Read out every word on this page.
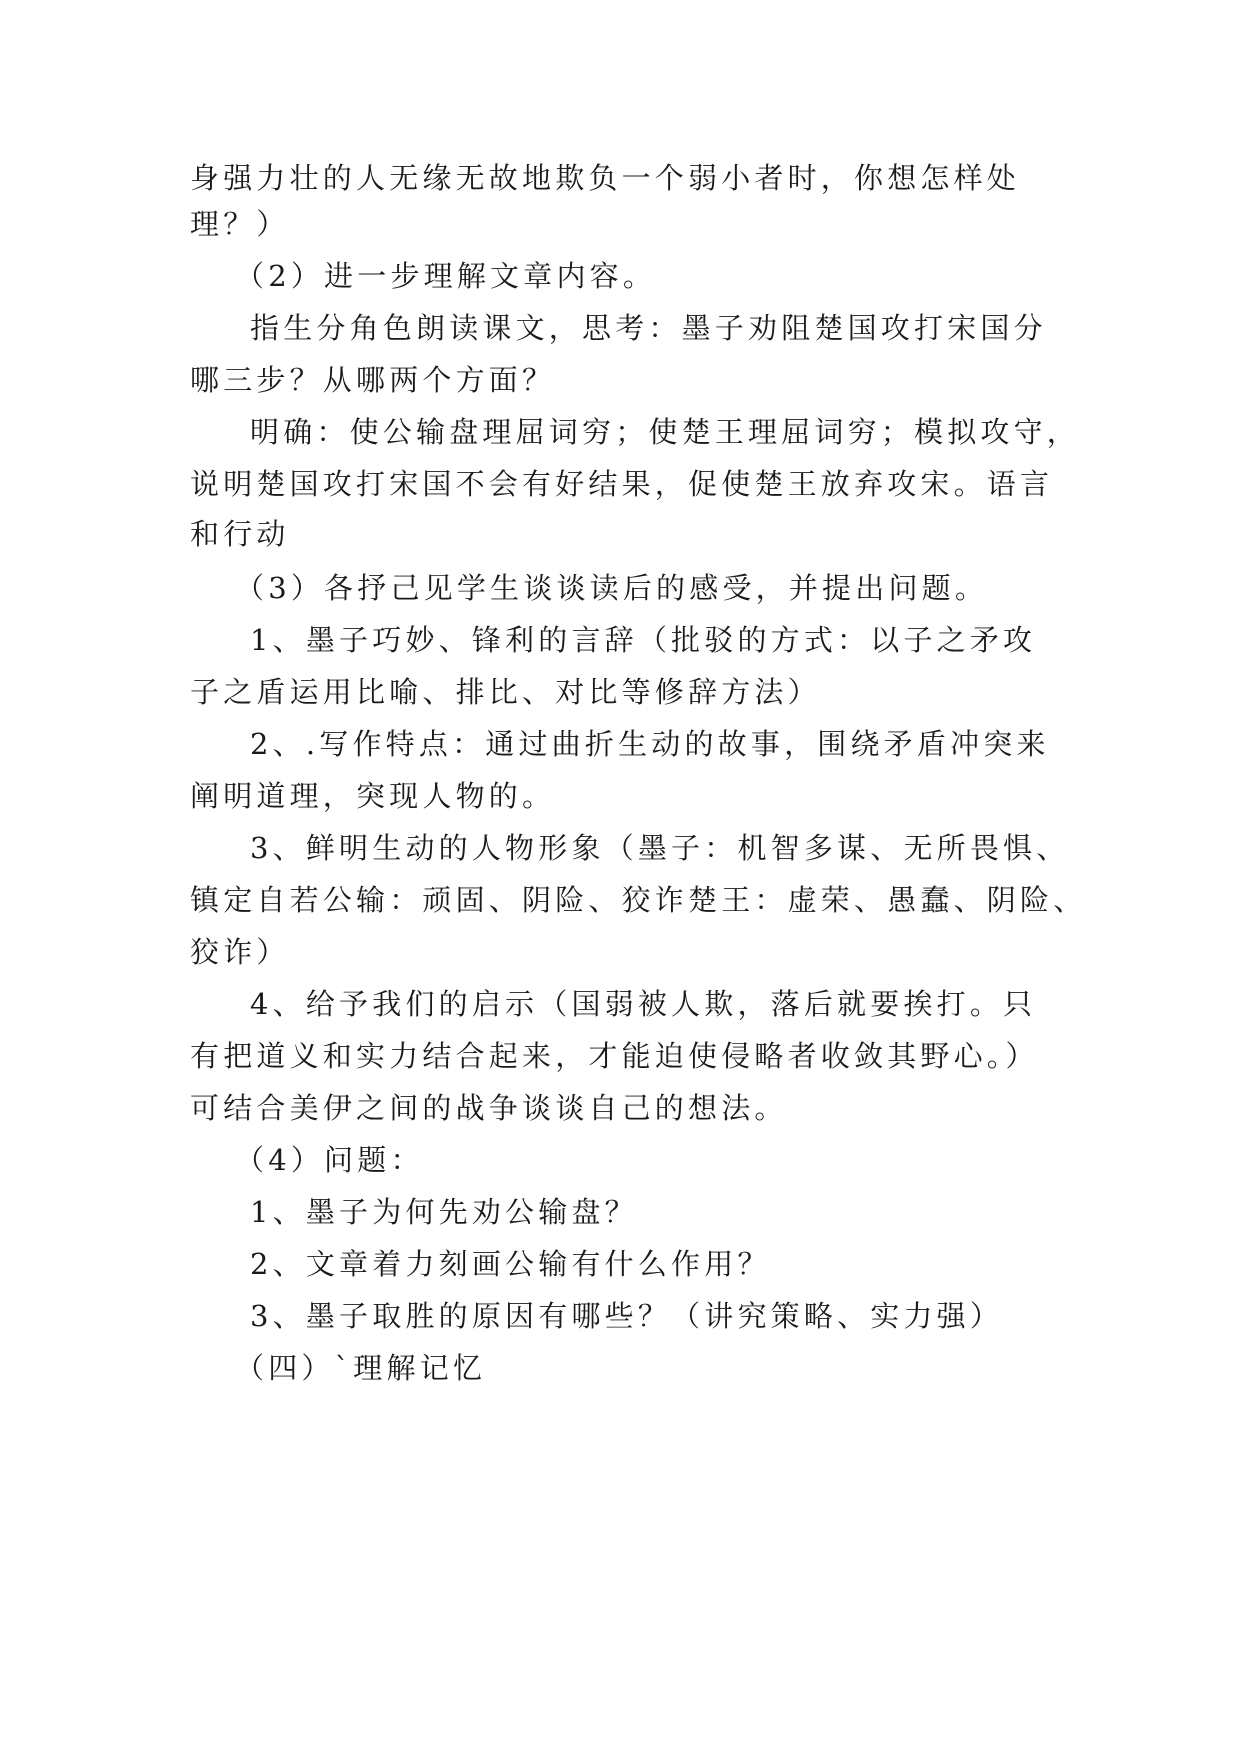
身强力壮的人无缘无故地欺负一个弱小者时，你想怎样处
理？）
（2）进一步理解文章内容。
指生分角色朗读课文，思考：墨子劝阻楚国攻打宋国分
哪三步？从哪两个方面？
明确：使公输盘理屈词穷；使楚王理屈词穷；模拟攻守，
说明楚国攻打宋国不会有好结果，促使楚王放弃攻宋。语言
和行动
（3）各抒己见学生谈谈读后的感受，并提出问题。
1、墨子巧妙、锋利的言辞（批驳的方式：以子之矛攻
子之盾运用比喻、排比、对比等修辞方法）
2、.写作特点：通过曲折生动的故事，围绕矛盾冲突来
阐明道理，突现人物的。
3、鲜明生动的人物形象（墨子：机智多谋、无所畏惧、
镇定自若公输：顽固、阴险、狡诈楚王：虚荣、愚蠢、阴险、
狡诈）
4、给予我们的启示（国弱被人欺，落后就要挨打。只
有把道义和实力结合起来，才能迫使侵略者收敛其野心。）
可结合美伊之间的战争谈谈自己的想法。
（4）问题：
1、墨子为何先劝公输盘？
2、文章着力刻画公输有什么作用？
3、墨子取胜的原因有哪些？（讲究策略、实力强）
（四）`理解记忆
